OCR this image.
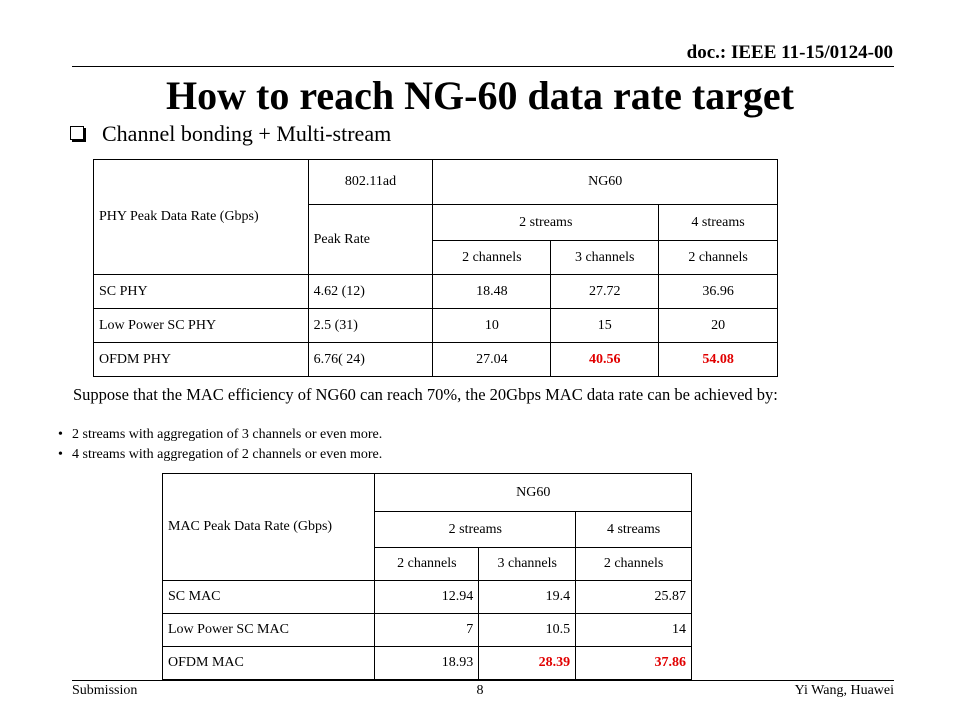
doc.: IEEE 11-15/0124-00
How to reach NG-60 data rate target
Channel bonding + Multi-stream
PHY Peak Data Rate (Gbps)	802.11ad	NG60		
	Peak Rate	2 streams		4 streams
		2 channels	3 channels	2 channels
SC PHY	4.62 (12)	18.48	27.72	36.96
Low Power SC PHY	2.5 (31)	10	15	20
OFDM PHY	6.76( 24)	27.04	40.56	54.08
Suppose that the MAC efficiency of NG60 can reach 70%, the 20Gbps MAC data rate can be achieved by:
• 2 streams with aggregation of 3 channels or even more.
• 4 streams with aggregation of 2 channels or even more.
MAC Peak Data Rate (Gbps)	NG60		
	2 streams		4 streams
	2 channels	3 channels	2 channels
SC MAC	12.94	19.4	25.87
Low Power SC MAC	7	10.5	14
OFDM MAC	18.93	28.39	37.86
Submission	8	Yi Wang, Huawei
